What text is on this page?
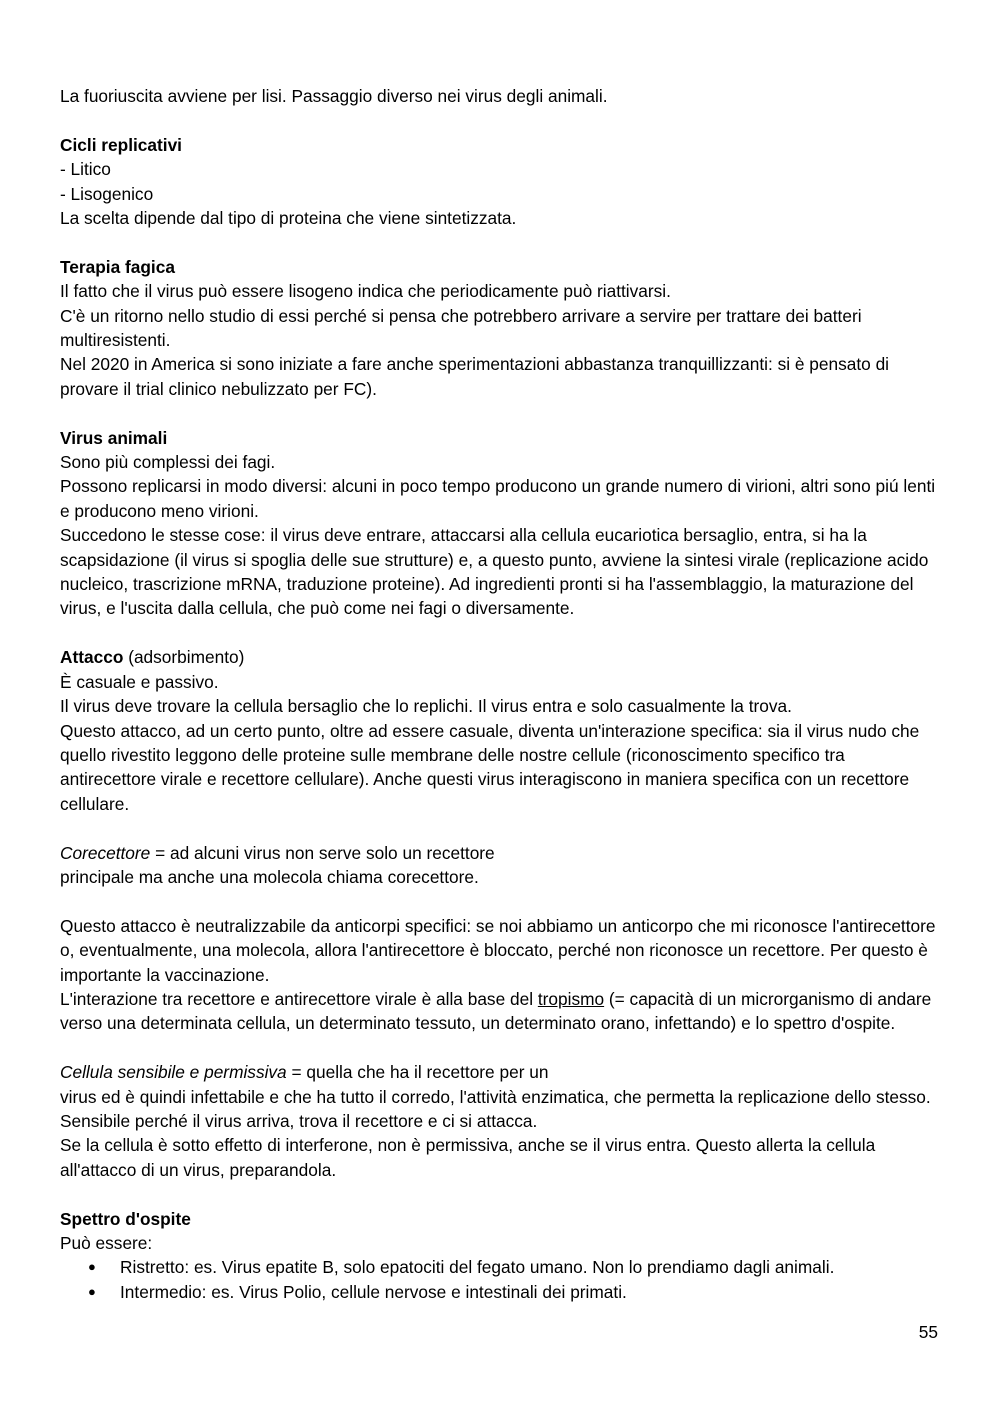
La fuoriuscita avviene per lisi. Passaggio diverso nei virus degli animali.

Cicli replicativi

- Litico

- Lisogenico

La scelta dipende dal tipo di proteina che viene sintetizzata.

Terapia fagica

Il fatto che il virus può essere lisogeno indica che periodicamente può riattivarsi.

C'è un ritorno nello studio di essi perché si pensa che potrebbero arrivare a servire per trattare dei batteri multiresistenti.

Nel 2020 in America si sono iniziate a fare anche sperimentazioni abbastanza tranquillizzanti: si è pensato di provare il trial clinico nebulizzato per FC).

Virus animali

Sono più complessi dei fagi.

Possono replicarsi in modo diversi: alcuni in poco tempo producono un grande numero di virioni, altri sono piú lenti e producono meno virioni.

Succedono le stesse cose: il virus deve entrare, attaccarsi alla cellula eucariotica bersaglio, entra, si ha la scapsidazione (il virus si spoglia delle sue strutture) e, a questo punto, avviene la sintesi virale (replicazione acido nucleico, trascrizione mRNA, traduzione proteine). Ad ingredienti pronti si ha l'assemblaggio, la maturazione del virus, e l'uscita dalla cellula, che può come nei fagi o diversamente.

Attacco (adsorbimento)

È casuale e passivo.

Il virus deve trovare la cellula bersaglio che lo replichi. Il virus entra e solo casualmente la trova.

Questo attacco, ad un certo punto, oltre ad essere casuale, diventa un'interazione specifica: sia il virus nudo che quello rivestito leggono delle proteine sulle membrane delle nostre cellule (riconoscimento specifico tra antirecettore virale e recettore cellulare). Anche questi virus interagiscono in maniera specifica con un recettore cellulare.

Corecettore = ad alcuni virus non serve solo un recettore

principale ma anche una molecola chiama corecettore.

Questo attacco è neutralizzabile da anticorpi specifici: se noi abbiamo un anticorpo che mi riconosce l'antirecettore o, eventualmente, una molecola, allora l'antirecettore è bloccato, perché non riconosce un recettore. Per questo è importante la vaccinazione.

L'interazione tra recettore e antirecettore virale è alla base del tropismo (= capacità di un microrganismo di andare verso una determinata cellula, un determinato tessuto, un determinato orano, infettando) e lo spettro d'ospite.

Cellula sensibile e permissiva = quella che ha il recettore per un

virus ed è quindi infettabile e che ha tutto il corredo, l'attività enzimatica, che permetta la replicazione dello stesso. Sensibile perché il virus arriva, trova il recettore e ci si attacca.

Se la cellula è sotto effetto di interferone, non è permissiva, anche se il virus entra. Questo allerta la cellula all'attacco di un virus, preparandola.

Spettro d'ospite

Può essere:

● Ristretto: es. Virus epatite B, solo epatociti del fegato umano. Non lo prendiamo dagli animali.
● Intermedio: es. Virus Polio, cellule nervose e intestinali dei primati.
55
